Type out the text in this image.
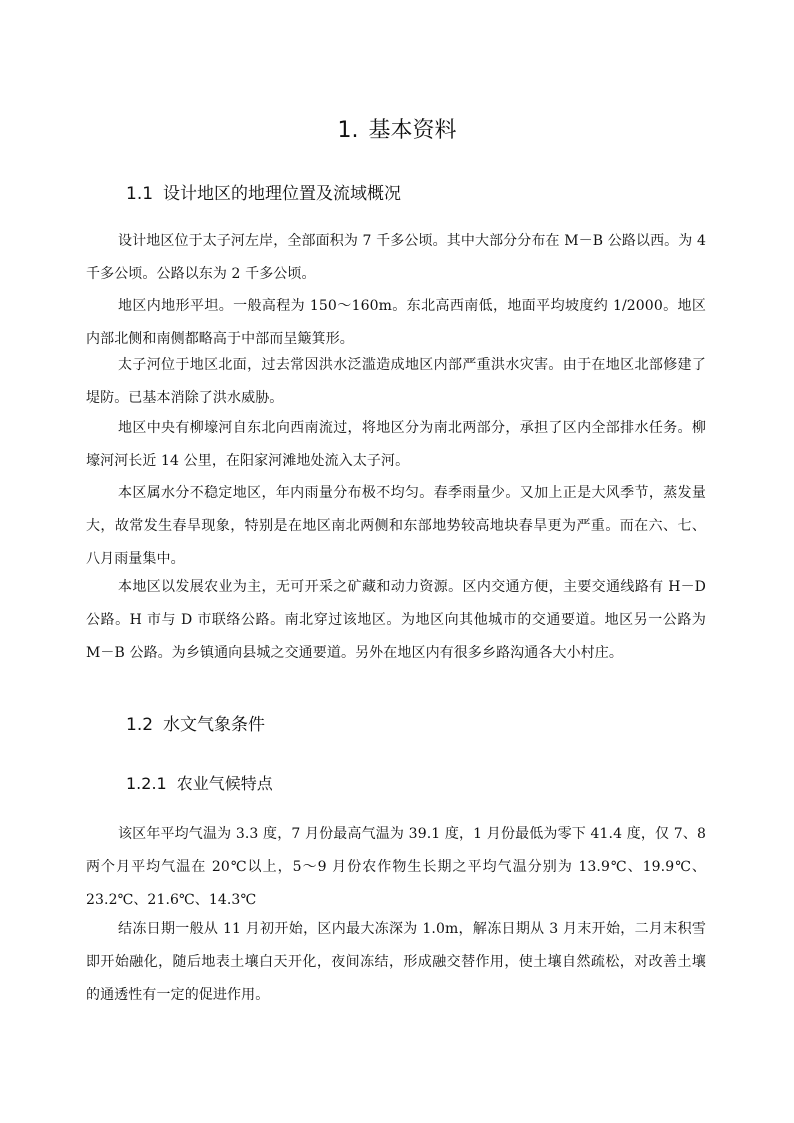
1. 基本资料
1.1 设计地区的地理位置及流域概况

设计地区位于太子河左岸，全部面积为 7 千多公顷。其中大部分分布在 M－B 公路以西。为 4 千多公顷。公路以东为 2 千多公顷。

地区内地形平坦。一般高程为 150～160m。东北高西南低，地面平均坡度约 1/2000。地区内部北侧和南侧都略高于中部而呈簸箕形。

太子河位于地区北面，过去常因洪水泛滥造成地区内部严重洪水灾害。由于在地区北部修建了堤防。已基本消除了洪水威胁。

地区中央有柳壕河自东北向西南流过，将地区分为南北两部分，承担了区内全部排水任务。柳壕河河长近 14 公里，在阳家河滩地处流入太子河。

本区属水分不稳定地区，年内雨量分布极不均匀。春季雨量少。又加上正是大风季节，蒸发量大，故常发生春旱现象，特别是在地区南北两侧和东部地势较高地块春旱更为严重。而在六、七、八月雨量集中。

本地区以发展农业为主，无可开采之矿藏和动力资源。区内交通方便，主要交通线路有 H－D 公路。H 市与 D 市联络公路。南北穿过该地区。为地区向其他城市的交通要道。地区另一公路为 M－B 公路。为乡镇通向县城之交通要道。另外在地区内有很多乡路沟通各大小村庄。

1.2 水文气象条件
1.2.1 农业气候特点

该区年平均气温为 3.3 度，7 月份最高气温为 39.1 度，1 月份最低为零下 41.4 度，仅 7、8 两个月平均气温在 20℃以上，5～9 月份农作物生长期之平均气温分别为 13.9℃、19.9℃、23.2℃、21.6℃、14.3℃

结冻日期一般从 11 月初开始，区内最大冻深为 1.0m，解冻日期从 3 月末开始，二月末积雪即开始融化，随后地表土壤白天开化，夜间冻结，形成融交替作用，使土壤自然疏松，对改善土壤的通透性有一定的促进作用。
